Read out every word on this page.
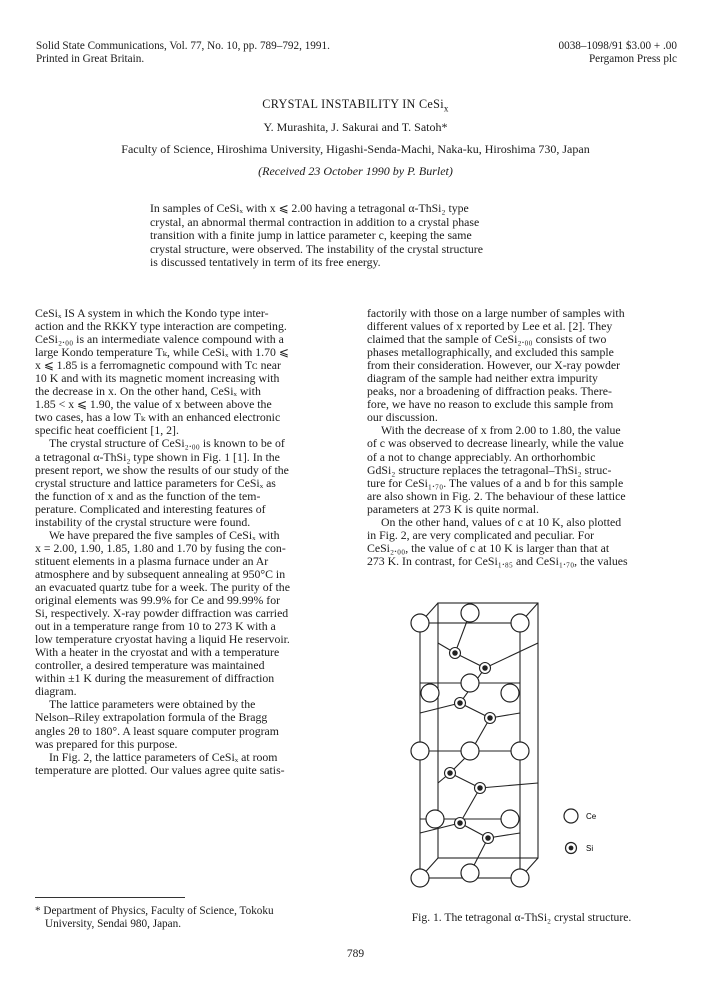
Solid State Communications, Vol. 77, No. 10, pp. 789–792, 1991.
Printed in Great Britain.
0038–1098/91 $3.00 + .00
Pergamon Press plc
CRYSTAL INSTABILITY IN CeSi$_x$
Y. Murashita, J. Sakurai and T. Satoh*
Faculty of Science, Hiroshima University, Higashi-Senda-Machi, Naka-ku, Hiroshima 730, Japan
(Received 23 October 1990 by P. Burlet)
In samples of CeSiₓ with x ⩽ 2.00 having a tetragonal α-ThSi₂ type
crystal, an abnormal thermal contraction in addition to a crystal phase
transition with a finite jump in lattice parameter c, keeping the same
crystal structure, were observed. The instability of the crystal structure
is discussed tentatively in term of its free energy.
CeSiₓ IS A system in which the Kondo type inter-
action and the RKKY type interaction are competing.
CeSi₂.₀₀ is an intermediate valence compound with a
large Kondo temperature Tₖ, while CeSiₓ with 1.70 ⩽
x ⩽ 1.85 is a ferromagnetic compound with Tᴄ near
10 K and with its magnetic moment increasing with
the decrease in x. On the other hand, CeSiₓ with
1.85 < x ⩽ 1.90, the value of x between above the
two cases, has a low Tₖ with an enhanced electronic
specific heat coefficient [1, 2].
The crystal structure of CeSi₂.₀₀ is known to be of
a tetragonal α-ThSi₂ type shown in Fig. 1 [1]. In the
present report, we show the results of our study of the
crystal structure and lattice parameters for CeSiₓ as
the function of x and as the function of the tem-
perature. Complicated and interesting features of
instability of the crystal structure were found.
We have prepared the five samples of CeSiₓ with
x = 2.00, 1.90, 1.85, 1.80 and 1.70 by fusing the con-
stituent elements in a plasma furnace under an Ar
atmosphere and by subsequent annealing at 950°C in
an evacuated quartz tube for a week. The purity of the
original elements was 99.9% for Ce and 99.99% for
Si, respectively. X-ray powder diffraction was carried
out in a temperature range from 10 to 273 K with a
low temperature cryostat having a liquid He reservoir.
With a heater in the cryostat and with a temperature
controller, a desired temperature was maintained
within ±1 K during the measurement of diffraction
diagram.
The lattice parameters were obtained by the
Nelson–Riley extrapolation formula of the Bragg
angles 2θ to 180°. A least square computer program
was prepared for this purpose.
In Fig. 2, the lattice parameters of CeSiₓ at room
temperature are plotted. Our values agree quite satis-
factorily with those on a large number of samples with
different values of x reported by Lee et al. [2]. They
claimed that the sample of CeSi₂.₀₀ consists of two
phases metallographically, and excluded this sample
from their consideration. However, our X-ray powder
diagram of the sample had neither extra impurity
peaks, nor a broadening of diffraction peaks. There-
fore, we have no reason to exclude this sample from
our discussion.
With the decrease of x from 2.00 to 1.80, the value
of c was observed to decrease linearly, while the value
of a not to change appreciably. An orthorhombic
GdSi₂ structure replaces the tetragonal–ThSi₂ struc-
ture for CeSi₁.₇₀. The values of a and b for this sample
are also shown in Fig. 2. The behaviour of these lattice
parameters at 273 K is quite normal.
On the other hand, values of c at 10 K, also plotted
in Fig. 2, are very complicated and peculiar. For
CeSi₂.₀₀, the value of c at 10 K is larger than that at
273 K. In contrast, for CeSi₁.₈₅ and CeSi₁.₇₀, the values
* Department of Physics, Faculty of Science, Tokoku
University, Sendai 980, Japan.
Ce
Si
Fig. 1. The tetragonal α-ThSi₂ crystal structure.
789
